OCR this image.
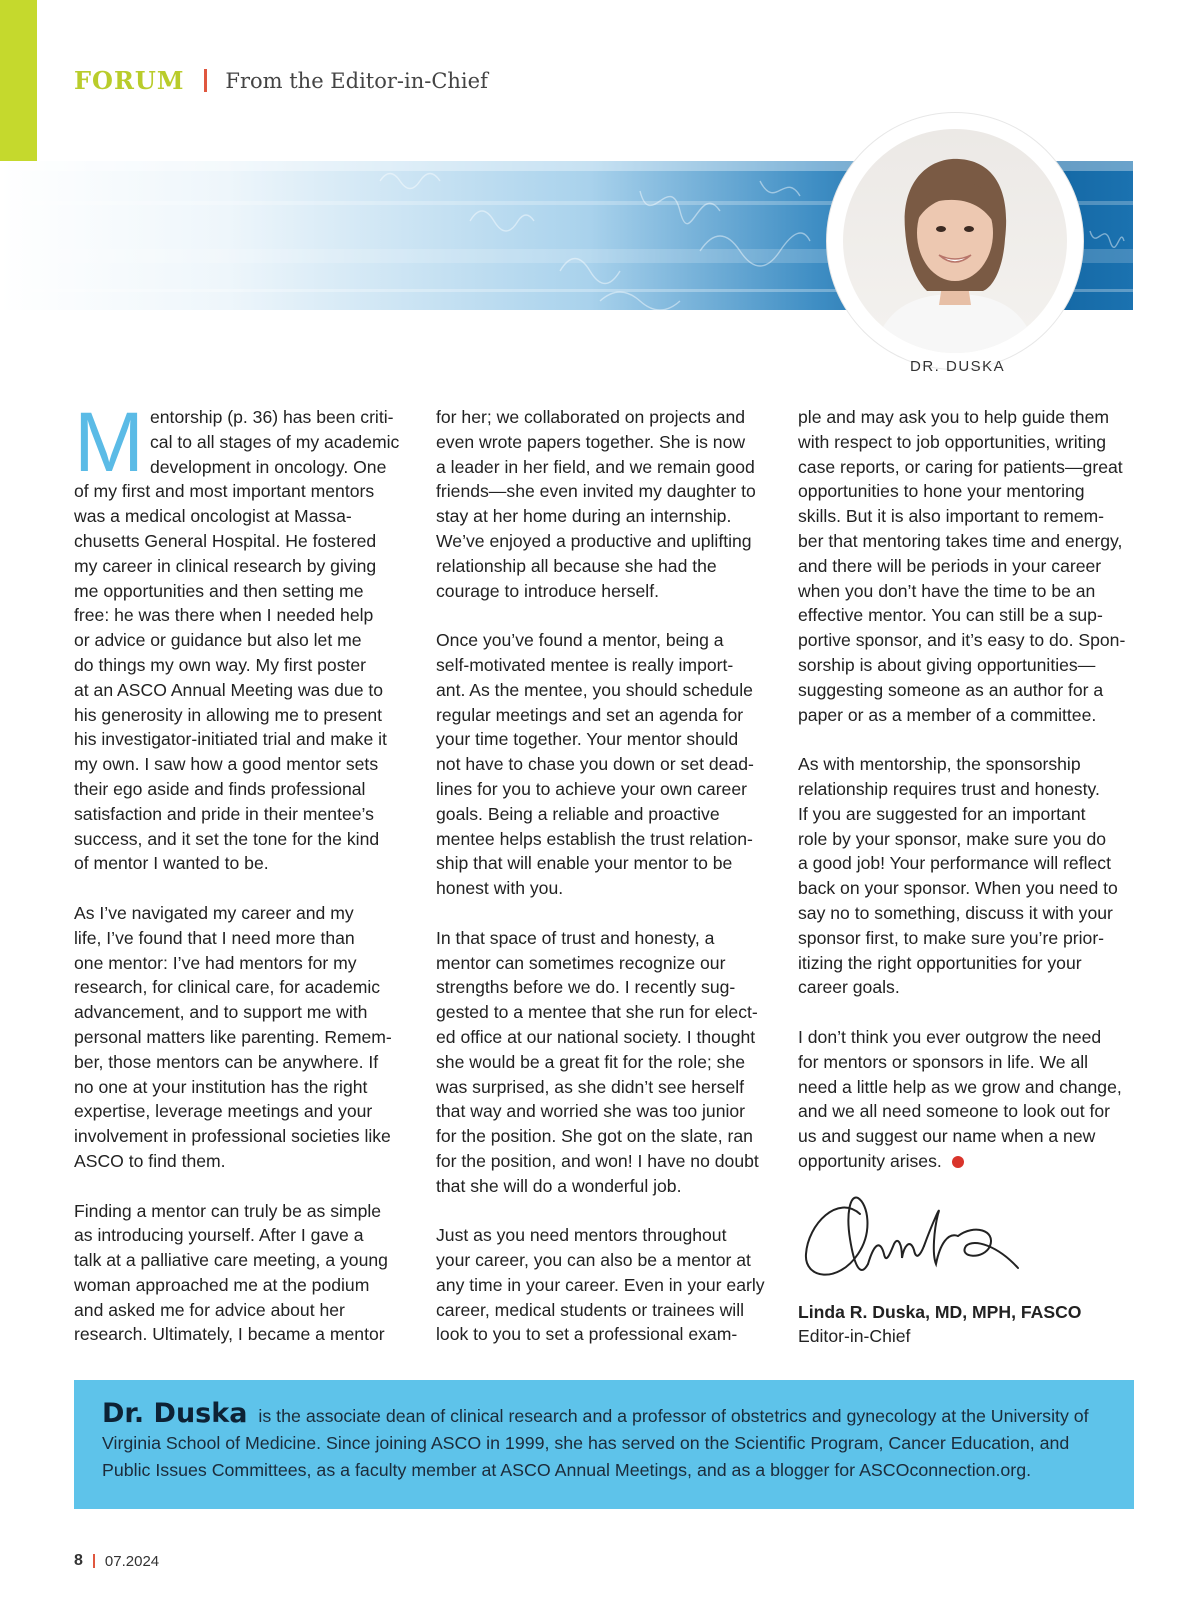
FORUM From the Editor-in-Chief
DR. DUSKA

Mentorship (p. 36) has been criti-
cal to all stages of my academic
development in oncology. One
of my first and most important mentors
was a medical oncologist at Massa-
chusetts General Hospital. He fostered
my career in clinical research by giving
me opportunities and then setting me
free: he was there when I needed help
or advice or guidance but also let me
do things my own way. My first poster
at an ASCO Annual Meeting was due to
his generosity in allowing me to present
his investigator-initiated trial and make it
my own. I saw how a good mentor sets
their ego aside and finds professional
satisfaction and pride in their mentee’s
success, and it set the tone for the kind
of mentor I wanted to be.

As I’ve navigated my career and my
life, I’ve found that I need more than
one mentor: I’ve had mentors for my
research, for clinical care, for academic
advancement, and to support me with
personal matters like parenting. Remem-
ber, those mentors can be anywhere. If
no one at your institution has the right
expertise, leverage meetings and your
involvement in professional societies like
ASCO to find them.

Finding a mentor can truly be as simple
as introducing yourself. After I gave a
talk at a palliative care meeting, a young
woman approached me at the podium
and asked me for advice about her
research. Ultimately, I became a mentor

for her; we collaborated on projects and
even wrote papers together. She is now
a leader in her field, and we remain good
friends—she even invited my daughter to
stay at her home during an internship.
We’ve enjoyed a productive and uplifting
relationship all because she had the
courage to introduce herself.

Once you’ve found a mentor, being a
self-motivated mentee is really import-
ant. As the mentee, you should schedule
regular meetings and set an agenda for
your time together. Your mentor should
not have to chase you down or set dead-
lines for you to achieve your own career
goals. Being a reliable and proactive
mentee helps establish the trust relation-
ship that will enable your mentor to be
honest with you.

In that space of trust and honesty, a
mentor can sometimes recognize our
strengths before we do. I recently sug-
gested to a mentee that she run for elect-
ed office at our national society. I thought
she would be a great fit for the role; she
was surprised, as she didn’t see herself
that way and worried she was too junior
for the position. She got on the slate, ran
for the position, and won! I have no doubt
that she will do a wonderful job.

Just as you need mentors throughout
your career, you can also be a mentor at
any time in your career. Even in your early
career, medical students or trainees will
look to you to set a professional exam-

ple and may ask you to help guide them
with respect to job opportunities, writing
case reports, or caring for patients—great
opportunities to hone your mentoring
skills. But it is also important to remem-
ber that mentoring takes time and energy,
and there will be periods in your career
when you don’t have the time to be an
effective mentor. You can still be a sup-
portive sponsor, and it’s easy to do. Spon-
sorship is about giving opportunities—
suggesting someone as an author for a
paper or as a member of a committee.

As with mentorship, the sponsorship
relationship requires trust and honesty.
If you are suggested for an important
role by your sponsor, make sure you do
a good job! Your performance will reflect
back on your sponsor. When you need to
say no to something, discuss it with your
sponsor first, to make sure you’re prior-
itizing the right opportunities for your
career goals.

I don’t think you ever outgrow the need
for mentors or sponsors in life. We all
need a little help as we grow and change,
and we all need someone to look out for
us and suggest our name when a new
opportunity arises.

Linda R. Duska, MD, MPH, FASCO
Editor-in-Chief
Dr. Duska is the associate dean of clinical research and a professor of obstetrics and gynecology at the University of Virginia School of Medicine. Since joining ASCO in 1999, she has served on the Scientific Program, Cancer Education, and Public Issues Committees, as a faculty member at ASCO Annual Meetings, and as a blogger for ASCOconnection.org.
8 07.2024
